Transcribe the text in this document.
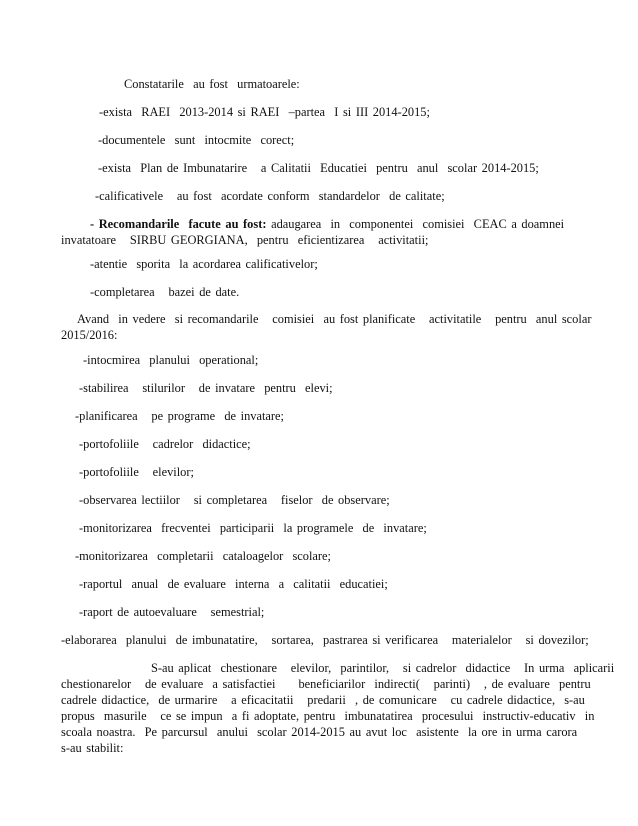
Constatarile  au fost  urmatoarele:
-exista  RAEI  2013-2014 si RAEI  –partea  I si III 2014-2015;
-documentele  sunt  intocmite  corect;
-exista  Plan de Imbunatarire   a Calitatii  Educatiei  pentru  anul  scolar 2014-2015;
-calificativele   au fost  acordate conform  standardelor  de calitate;
- Recomandarile  facute au fost: adaugarea  in  componentei  comisiei  CEAC a doamnei
invatatoare   SIRBU GEORGIANA,  pentru  eficientizarea   activitatii;
-atentie  sporita  la acordarea calificativelor;
-completarea   bazei de date.
Avand  in vedere  si recomandarile   comisiei  au fost planificate   activitatile   pentru  anul scolar
2015/2016:
-intocmirea  planului  operational;
-stabilirea   stilurilor   de invatare  pentru  elevi;
-planificarea   pe programe  de invatare;
-portofoliile   cadrelor  didactice;
-portofoliile   elevilor;
-observarea lectiilor   si completarea   fiselor  de observare;
-monitorizarea  frecventei  participarii  la programele  de  invatare;
-monitorizarea  completarii  cataloagelor  scolare;
-raportul  anual  de evaluare  interna  a  calitatii  educatiei;
-raport de autoevaluare   semestrial;
-elaborarea  planului  de imbunatatire,   sortarea,  pastrarea si verificarea   materialelor   si dovezilor;
S-au aplicat  chestionare   elevilor,  parintilor,   si cadrelor  didactice   In urma  aplicarii
chestionarelor   de evaluare  a satisfactiei     beneficiarilor  indirecti(   parinti)   , de evaluare  pentru
cadrele didactice,  de urmarire   a eficacitatii   predarii  , de comunicare   cu cadrele didactice,  s-au
propus  masurile   ce se impun  a fi adoptate, pentru  imbunatatirea  procesului  instructiv-educativ  in
scoala noastra.  Pe parcursul  anului  scolar 2014-2015 au avut loc  asistente  la ore in urma carora
s-au stabilit:
